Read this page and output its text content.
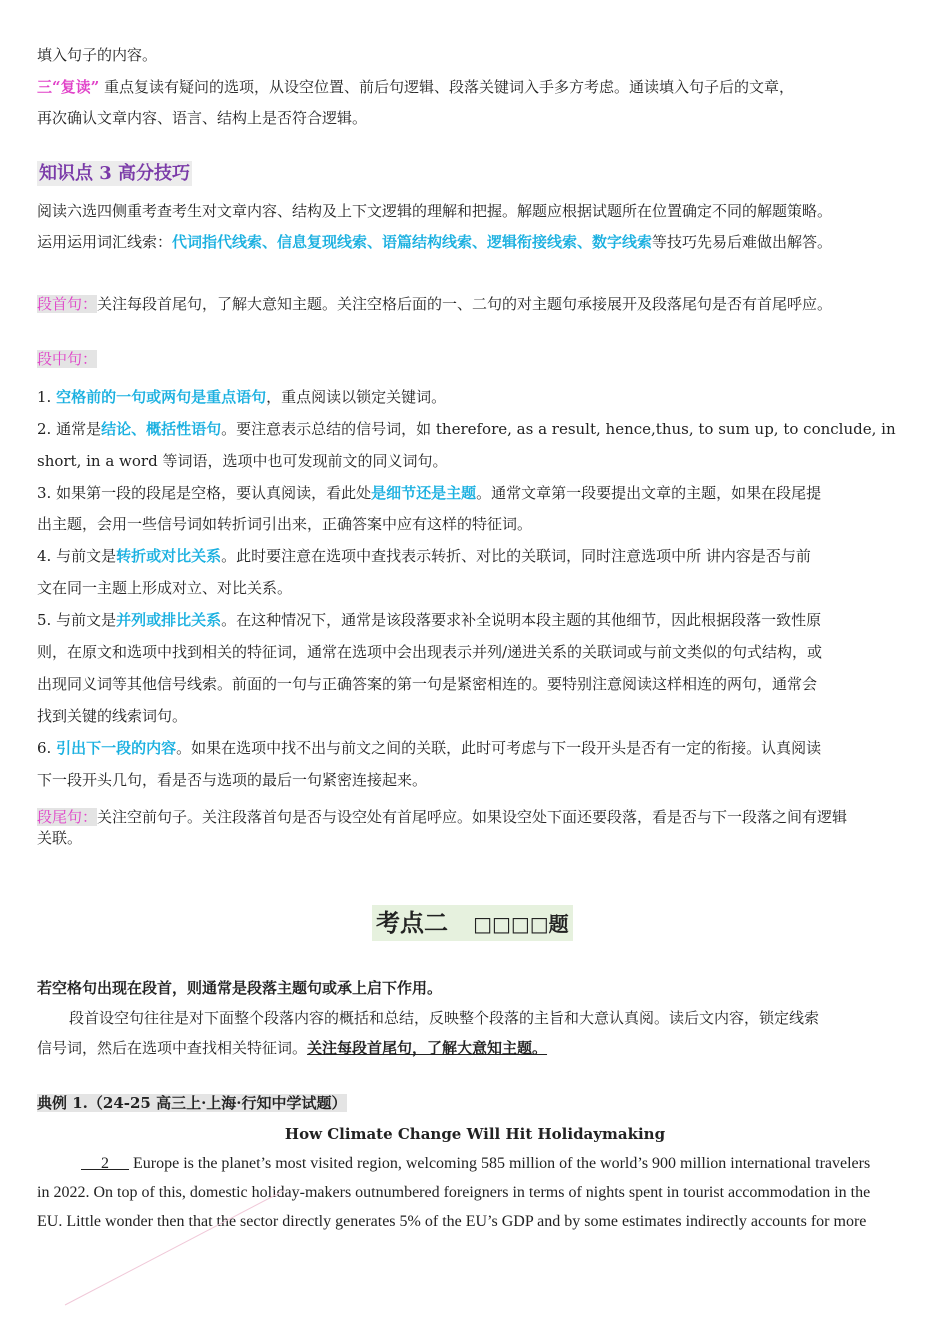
填入句子的内容。
三“复读” 重点复读有疑问的选项，从设空位置、前后句逻辑、段落关键词入手多方考虑。通读填入句子后的文章，
再次确认文章内容、语言、结构上是否符合逻辑。
知识点 3 高分技巧
阅读六选四侧重考查考生对文章内容、结构及上下文逻辑的理解和把握。解题应根据试题所在位置确定不同的解题策略。
运用运用词汇线索：代词指代线索、信息复现线索、语篇结构线索、逻辑衔接线索、数字线索等技巧先易后难做出解答。
段首句：关注每段首尾句，了解大意知主题。关注空格后面的一、二句的对主题句承接展开及段落尾句是否有首尾呼应。
段中句：
1. 空格前的一句或两句是重点语句，重点阅读以锁定关键词。
2. 通常是结论、概括性语句。要注意表示总结的信号词，如 therefore, as a result, hence,thus, to sum up, to conclude, in
short, in a word 等词语，选项中也可发现前文的同义词句。
3. 如果第一段的段尾是空格，要认真阅读，看此处是细节还是主题。通常文章第一段要提出文章的主题，如果在段尾提
出主题，会用一些信号词如转折词引出来，正确答案中应有这样的特征词。
4. 与前文是转折或对比关系。此时要注意在选项中查找表示转折、对比的关联词，同时注意选项中所 讲内容是否与前
文在同一主题上形成对立、对比关系。
5. 与前文是并列或排比关系。在这种情况下，通常是该段落要求补全说明本段主题的其他细节，因此根据段落一致性原
则，在原文和选项中找到相关的特征词，通常在选项中会出现表示并列/递进关系的关联词或与前文类似的句式结构，或
出现同义词等其他信号线索。前面的一句与正确答案的第一句是紧密相连的。要特别注意阅读这样相连的两句，通常会
找到关键的线索词句。
6. 引出下一段的内容。如果在选项中找不出与前文之间的关联，此时可考虑与下一段开头是否有一定的衔接。认真阅读
下一段开头几句，看是否与选项的最后一句紧密连接起来。
段尾句：关注空前句子。关注段落首句是否与设空处有首尾呼应。如果设空处下面还要段落，看是否与下一段落之间有逻辑
关联。
考点二 □□□□题
若空格句出现在段首，则通常是段落主题句或承上启下作用。
段首设空句往往是对下面整个段落内容的概括和总结，反映整个段落的主旨和大意认真阅。读后文内容，锁定线索
信号词，然后在选项中查找相关特征词。关注每段首尾句，了解大意知主题。
典例 1.（24-25 高三上·上海·行知中学试题）
How Climate Change Will Hit Holidaymaking
2      Europe is the planet’s most visited region, welcoming 585 million of the world’s 900 million international travelers
in 2022. On top of this, domestic holiday-makers outnumbered foreigners in terms of nights spent in tourist accommodation in the
EU. Little wonder then that the sector directly generates 5% of the EU’s GDP and by some estimates indirectly accounts for more
